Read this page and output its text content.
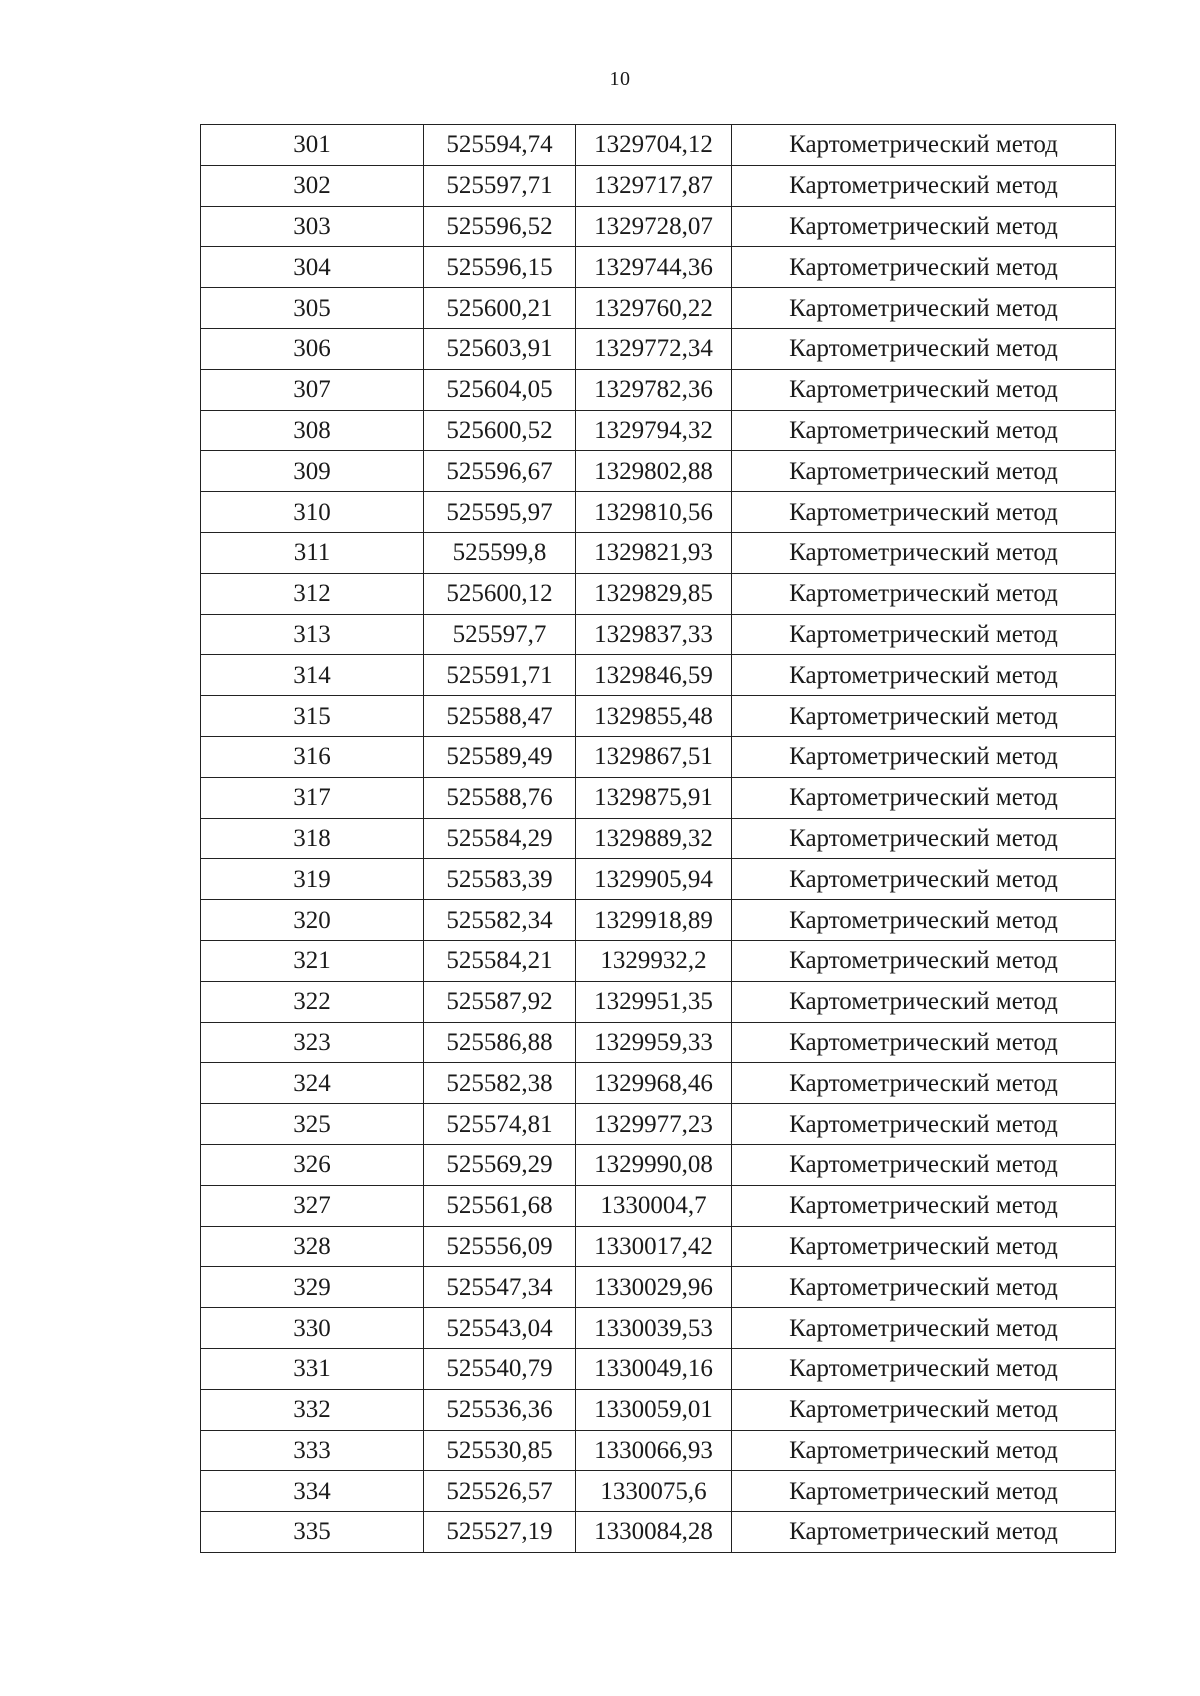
10
301	525594,74	1329704,12	Картометрический метод
302	525597,71	1329717,87	Картометрический метод
303	525596,52	1329728,07	Картометрический метод
304	525596,15	1329744,36	Картометрический метод
305	525600,21	1329760,22	Картометрический метод
306	525603,91	1329772,34	Картометрический метод
307	525604,05	1329782,36	Картометрический метод
308	525600,52	1329794,32	Картометрический метод
309	525596,67	1329802,88	Картометрический метод
310	525595,97	1329810,56	Картометрический метод
311	525599,8	1329821,93	Картометрический метод
312	525600,12	1329829,85	Картометрический метод
313	525597,7	1329837,33	Картометрический метод
314	525591,71	1329846,59	Картометрический метод
315	525588,47	1329855,48	Картометрический метод
316	525589,49	1329867,51	Картометрический метод
317	525588,76	1329875,91	Картометрический метод
318	525584,29	1329889,32	Картометрический метод
319	525583,39	1329905,94	Картометрический метод
320	525582,34	1329918,89	Картометрический метод
321	525584,21	1329932,2	Картометрический метод
322	525587,92	1329951,35	Картометрический метод
323	525586,88	1329959,33	Картометрический метод
324	525582,38	1329968,46	Картометрический метод
325	525574,81	1329977,23	Картометрический метод
326	525569,29	1329990,08	Картометрический метод
327	525561,68	1330004,7	Картометрический метод
328	525556,09	1330017,42	Картометрический метод
329	525547,34	1330029,96	Картометрический метод
330	525543,04	1330039,53	Картометрический метод
331	525540,79	1330049,16	Картометрический метод
332	525536,36	1330059,01	Картометрический метод
333	525530,85	1330066,93	Картометрический метод
334	525526,57	1330075,6	Картометрический метод
335	525527,19	1330084,28	Картометрический метод
